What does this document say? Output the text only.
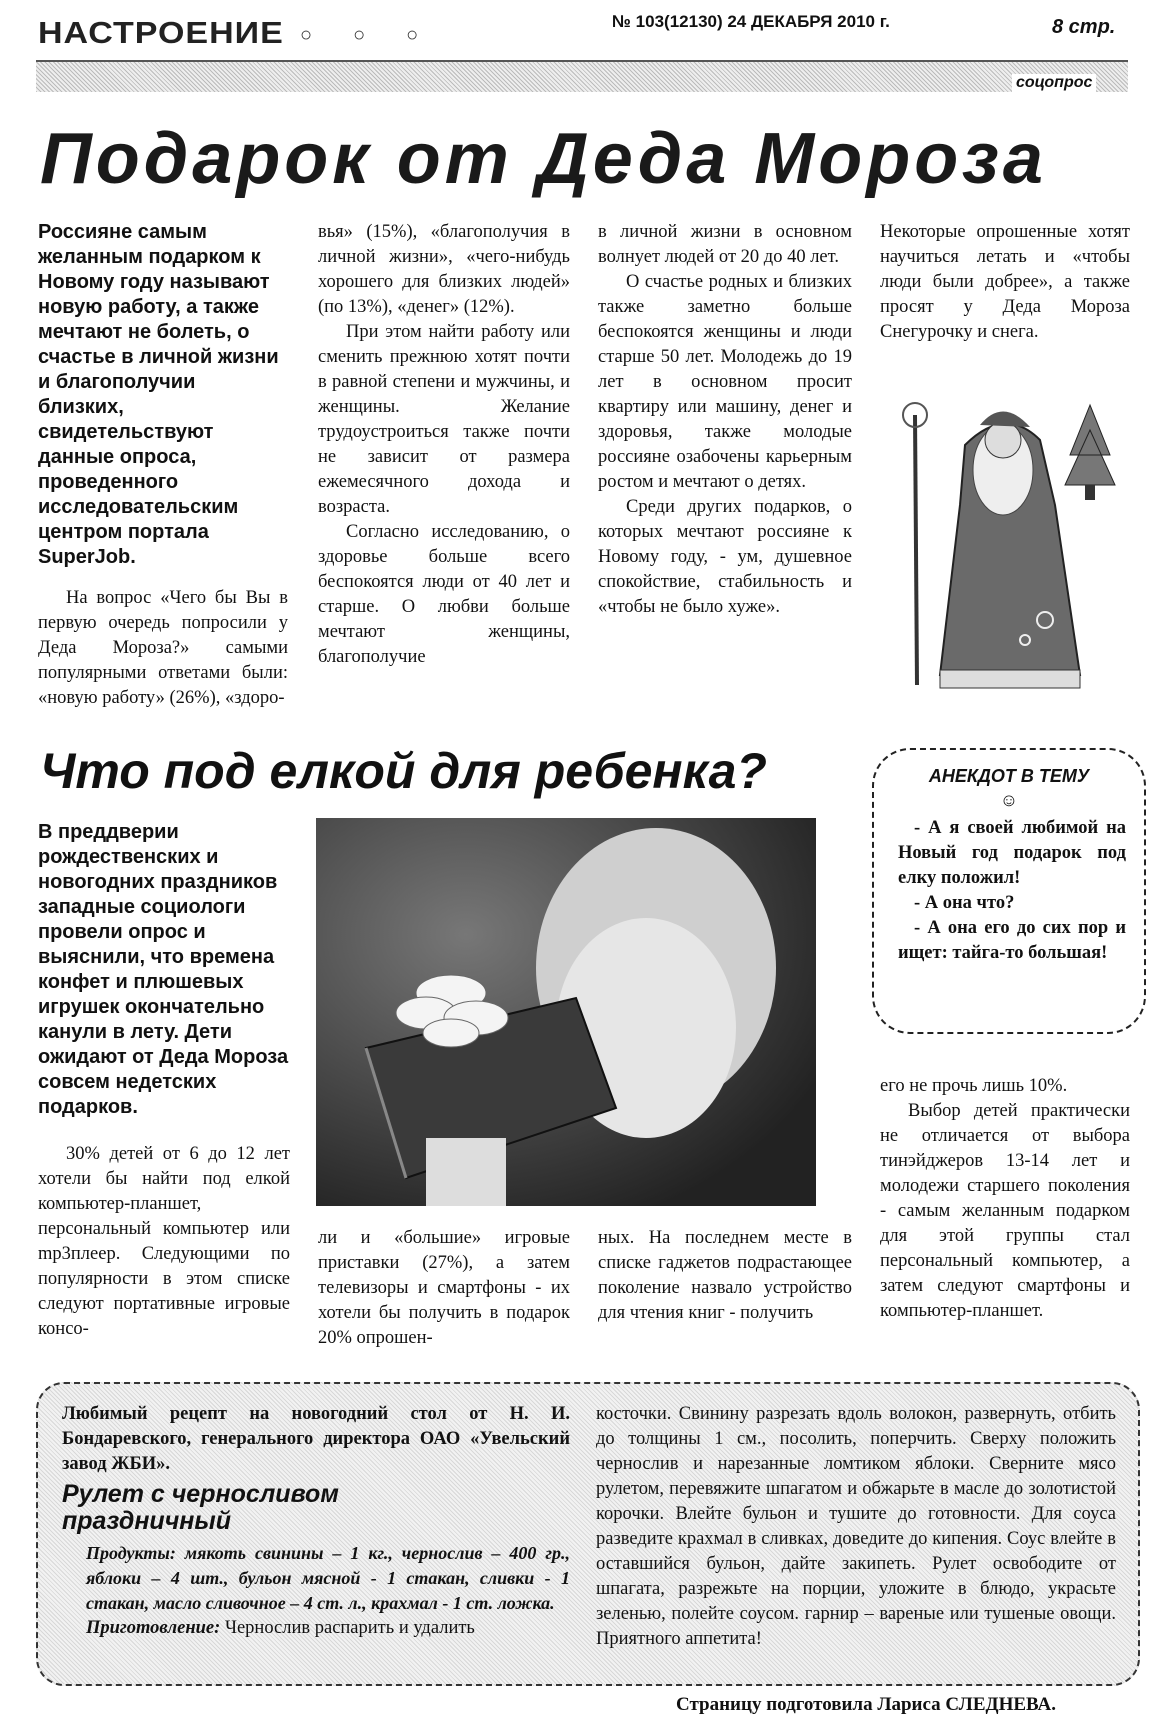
НАСТРОЕНИЕ ○ ○ ○
№ 103(12130) 24 ДЕКАБРЯ 2010 г.	8 стр.
соцопрос
Подарок от Деда Мороза
Россияне самым желанным подарком к Новому году называют новую работу, а также мечтают не болеть, о счастье в личной жизни и благополучии близких, свидетельствуют данные опроса, проведенного исследовательским центром портала SuperJob.

На вопрос «Чего бы Вы в первую очередь попросили у Деда Мороза?» самыми популярными ответами были: «новую работу» (26%), «здоро-

вья» (15%), «благополучия в личной жизни», «чего-нибудь хорошего для близких людей» (по 13%), «денег» (12%).

При этом найти работу или сменить прежнюю хотят почти в равной степени и мужчины, и женщины. Желание трудоустроиться также почти не зависит от размера ежемесячного дохода и возраста.

Согласно исследованию, о здоровье больше всего беспокоятся люди от 40 лет и старше. О любви больше мечтают женщины, благополучие

в личной жизни в основном волнует людей от 20 до 40 лет.

О счастье родных и близких также заметно больше беспокоятся женщины и люди старше 50 лет. Молодежь до 19 лет в основном просит квартиру или машину, денег и здоровья, также молодые россияне озабочены карьерным ростом и мечтают о детях.

Среди других подарков, о которых мечтают россияне к Новому году, - ум, душевное спокойствие, стабильность и «чтобы не было хуже».

Некоторые опрошенные хотят научиться летать и «чтобы люди были добрее», а также просят у Деда Мороза Снегурочку и снега.

Что под елкой для ребенка?
В преддверии рождественских и новогодних праздников западные социологи провели опрос и выяснили, что времена конфет и плюшевых игрушек окончательно канули в лету. Дети ожидают от Деда Мороза совсем недетских подарков.
АНЕКДОТ В ТЕМУ
☺

- А я своей любимой на Новый год подарок под елку положил!

- А она что?

- А она его до сих пор и ищет: тайга-то большая!

30% детей от 6 до 12 лет хотели бы найти под елкой компьютер-планшет, персональный компьютер или mp3плеер. Следующими по популярности в этом списке следуют портативные игровые консо-

ли и «большие» игровые приставки (27%), а затем телевизоры и смартфоны - их хотели бы получить в подарок 20% опрошен-

ных. На последнем месте в списке гаджетов подрастающее поколение назвало устройство для чтения книг - получить

его не прочь лишь 10%.

Выбор детей практически не отличается от выбора тинэйджеров 13-14 лет и молодежи старшего поколения - самым желанным подарком для этой группы стал персональный компьютер, а затем следуют смартфоны и компьютер-планшет.

Любимый рецепт на новогодний стол от Н. И. Бондаревского, генерального директора ОАО «Увельский завод ЖБИ».

Рулет с черносливом
праздничный

Продукты: мякоть свинины – 1 кг., чернослив – 400 гр., яблоки – 4 шт., бульон мясной - 1 стакан, сливки - 1 стакан, масло сливочное – 4 ст. л., крахмал - 1 ст. ложка.

Приготовление: Чернослив распарить и удалить

косточки. Свинину разрезать вдоль волокон, развернуть, отбить до толщины 1 см., посолить, поперчить. Сверху положить чернослив и нарезанные ломтиком яблоки. Сверните мясо рулетом, перевяжите шпагатом и обжарьте в масле до золотистой корочки. Влейте бульон и тушите до готовности. Для соуса разведите крахмал в сливках, доведите до кипения. Соус влейте в оставшийся бульон, дайте закипеть. Рулет освободите от шпагата, разрежьте на порции, уложите в блюдо, украсьте зеленью, полейте соусом. гарнир – вареные или тушеные овощи. Приятного аппетита!
Страницу подготовила Лариса СЛЕДНЕВА.
